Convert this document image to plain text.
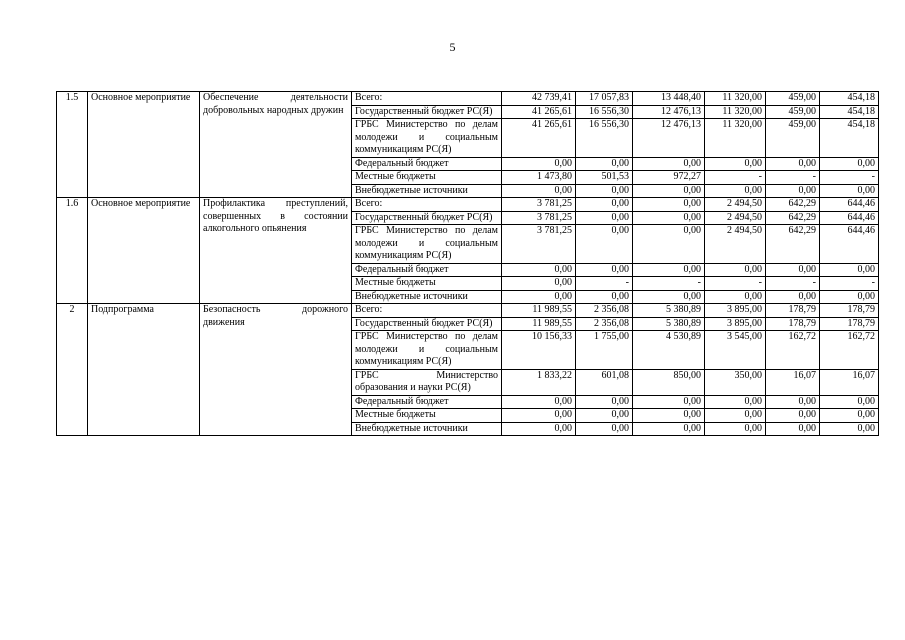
5
1.5	Основное мероприятие	Обеспечение деятельности добровольных народных дружин	Всего:	42 739,41	17 057,83	13 448,40	11 320,00	459,00	454,18
			Государственный бюджет РС(Я)	41 265,61	16 556,30	12 476,13	11 320,00	459,00	454,18
			ГРБС Министерство по делам молодежи и социальным коммуникациям РС(Я)	41 265,61	16 556,30	12 476,13	11 320,00	459,00	454,18
			Федеральный бюджет	0,00	0,00	0,00	0,00	0,00	0,00
			Местные бюджеты	1 473,80	501,53	972,27	-	-	-
			Внебюджетные источники	0,00	0,00	0,00	0,00	0,00	0,00
1.6	Основное мероприятие	Профилактика преступлений, совершенных в состоянии алкогольного опьянения	Всего:	3 781,25	0,00	0,00	2 494,50	642,29	644,46
			Государственный бюджет РС(Я)	3 781,25	0,00	0,00	2 494,50	642,29	644,46
			ГРБС Министерство по делам молодежи и социальным коммуникациям РС(Я)	3 781,25	0,00	0,00	2 494,50	642,29	644,46
			Федеральный бюджет	0,00	0,00	0,00	0,00	0,00	0,00
			Местные бюджеты	0,00	-	-	-	-	-
			Внебюджетные источники	0,00	0,00	0,00	0,00	0,00	0,00
2	Подпрограмма	Безопасность дорожного движения	Всего:	11 989,55	2 356,08	5 380,89	3 895,00	178,79	178,79
			Государственный бюджет РС(Я)	11 989,55	2 356,08	5 380,89	3 895,00	178,79	178,79
			ГРБС Министерство по делам молодежи и социальным коммуникациям РС(Я)	10 156,33	1 755,00	4 530,89	3 545,00	162,72	162,72
			ГРБС Министерство образования и науки РС(Я)	1 833,22	601,08	850,00	350,00	16,07	16,07
			Федеральный бюджет	0,00	0,00	0,00	0,00	0,00	0,00
			Местные бюджеты	0,00	0,00	0,00	0,00	0,00	0,00
			Внебюджетные источники	0,00	0,00	0,00	0,00	0,00	0,00
